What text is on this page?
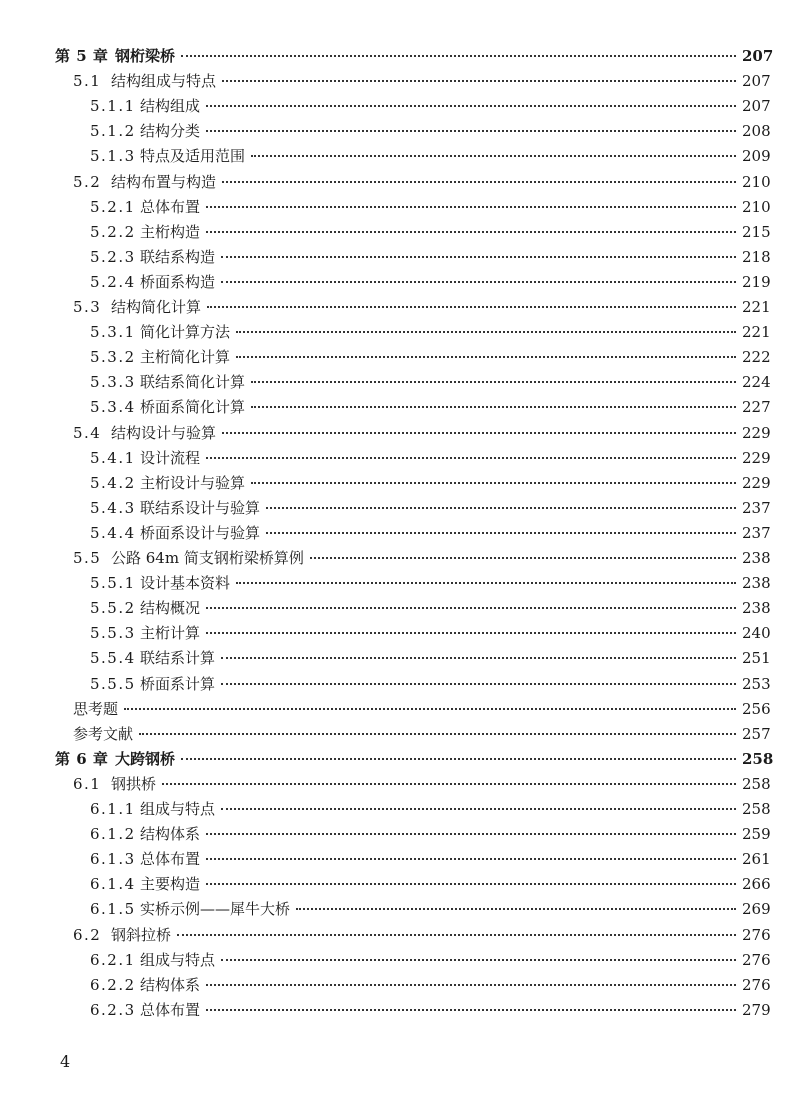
第 5 章 钢桁梁桥	207
5.1 结构组成与特点	207
5.1.1 结构组成	207
5.1.2 结构分类	208
5.1.3 特点及适用范围	209
5.2 结构布置与构造	210
5.2.1 总体布置	210
5.2.2 主桁构造	215
5.2.3 联结系构造	218
5.2.4 桥面系构造	219
5.3 结构简化计算	221
5.3.1 简化计算方法	221
5.3.2 主桁简化计算	222
5.3.3 联结系简化计算	224
5.3.4 桥面系简化计算	227
5.4 结构设计与验算	229
5.4.1 设计流程	229
5.4.2 主桁设计与验算	229
5.4.3 联结系设计与验算	237
5.4.4 桥面系设计与验算	237
5.5 公路 64m 简支钢桁梁桥算例	238
5.5.1 设计基本资料	238
5.5.2 结构概况	238
5.5.3 主桁计算	240
5.5.4 联结系计算	251
5.5.5 桥面系计算	253
思考题	256
参考文献	257
第 6 章 大跨钢桥	258
6.1 钢拱桥	258
6.1.1 组成与特点	258
6.1.2 结构体系	259
6.1.3 总体布置	261
6.1.4 主要构造	266
6.1.5 实桥示例——犀牛大桥	269
6.2 钢斜拉桥	276
6.2.1 组成与特点	276
6.2.2 结构体系	276
6.2.3 总体布置	279
4
